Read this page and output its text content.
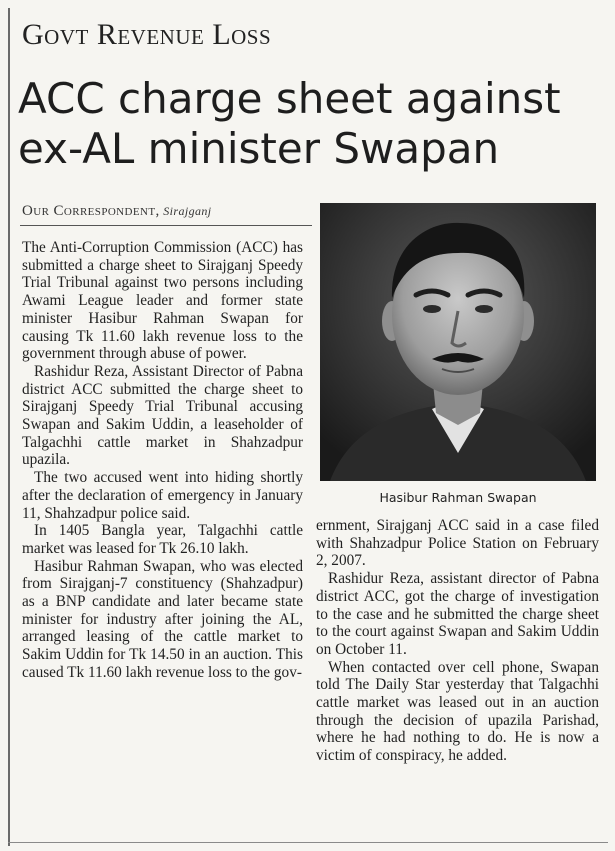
Govt Revenue Loss
ACC charge sheet against
ex-AL minister Swapan
Our Correspondent, Sirajganj

The Anti-Corruption Commission (ACC) has submitted a charge sheet to Sirajganj Speedy Trial Tribunal against two persons including Awami League leader and former state minister Hasibur Rahman Swapan for causing Tk 11.60 lakh revenue loss to the government through abuse of power.

Rashidur Reza, Assistant Director of Pabna district ACC submitted the charge sheet to Sirajganj Speedy Trial Tribunal accusing Swapan and Sakim Uddin, a leaseholder of Talgachhi cattle market in Shahzadpur upazila.

The two accused went into hiding shortly after the declaration of emergency in January 11, Shahzadpur police said.

In 1405 Bangla year, Talgachhi cattle market was leased for Tk 26.10 lakh.

Hasibur Rahman Swapan, who was elected from Sirajganj-7 constituency (Shahzadpur) as a BNP candidate and later became state minister for industry after joining the AL, arranged leasing of the cattle market to Sakim Uddin for Tk 14.50 in an auction. This caused Tk 11.60 lakh revenue loss to the gov-

Hasibur Rahman Swapan

ernment, Sirajganj ACC said in a case filed with Shahzadpur Police Station on February 2, 2007.

Rashidur Reza, assistant director of Pabna district ACC, got the charge of investigation to the case and he submitted the charge sheet to the court against Swapan and Sakim Uddin on October 11.

When contacted over cell phone, Swapan told The Daily Star yesterday that Talgachhi cattle market was leased out in an auction through the decision of upazila Parishad, where he had nothing to do. He is now a victim of conspiracy, he added.
